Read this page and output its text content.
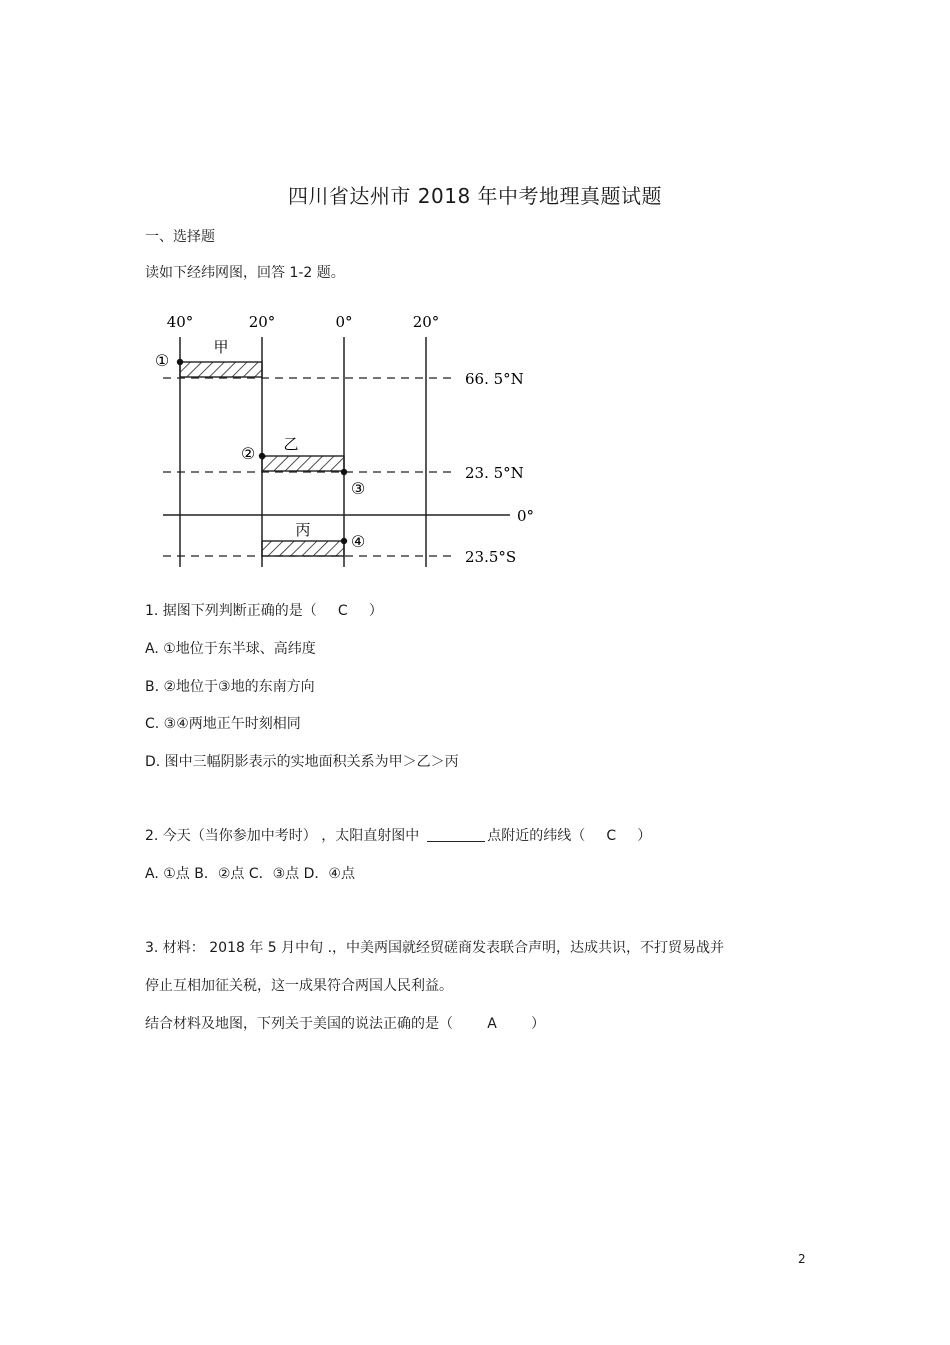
四川省达州市 2018 年中考地理真题试题
一、选择题
读如下经纬网图，回答 1-2 题。
40°	20°	0°	20°
66. 5°N
23. 5°N
0°
23.5°S
甲
乙
丙
①
②
③
④
1. 据图下列判断正确的是（ C ）
A. ①地位于东半球、高纬度
B. ②地位于③地的东南方向
C. ③④两地正午时刻相同
D. 图中三幅阴影表示的实地面积关系为甲＞乙＞丙
2. 今天（当你参加中考时） ，太阳直射图中	点附近的纬线（ C ）
A. ①点 B．②点 C．③点 D．④点
3. 材料： 2018 年 5 月中旬 .，中美两国就经贸磋商发表联合声明，达成共识，不打贸易战并
停止互相加征关税，这一成果符合两国人民利益。
结合材料及地图，下列关于美国的说法正确的是（ A ）
2
